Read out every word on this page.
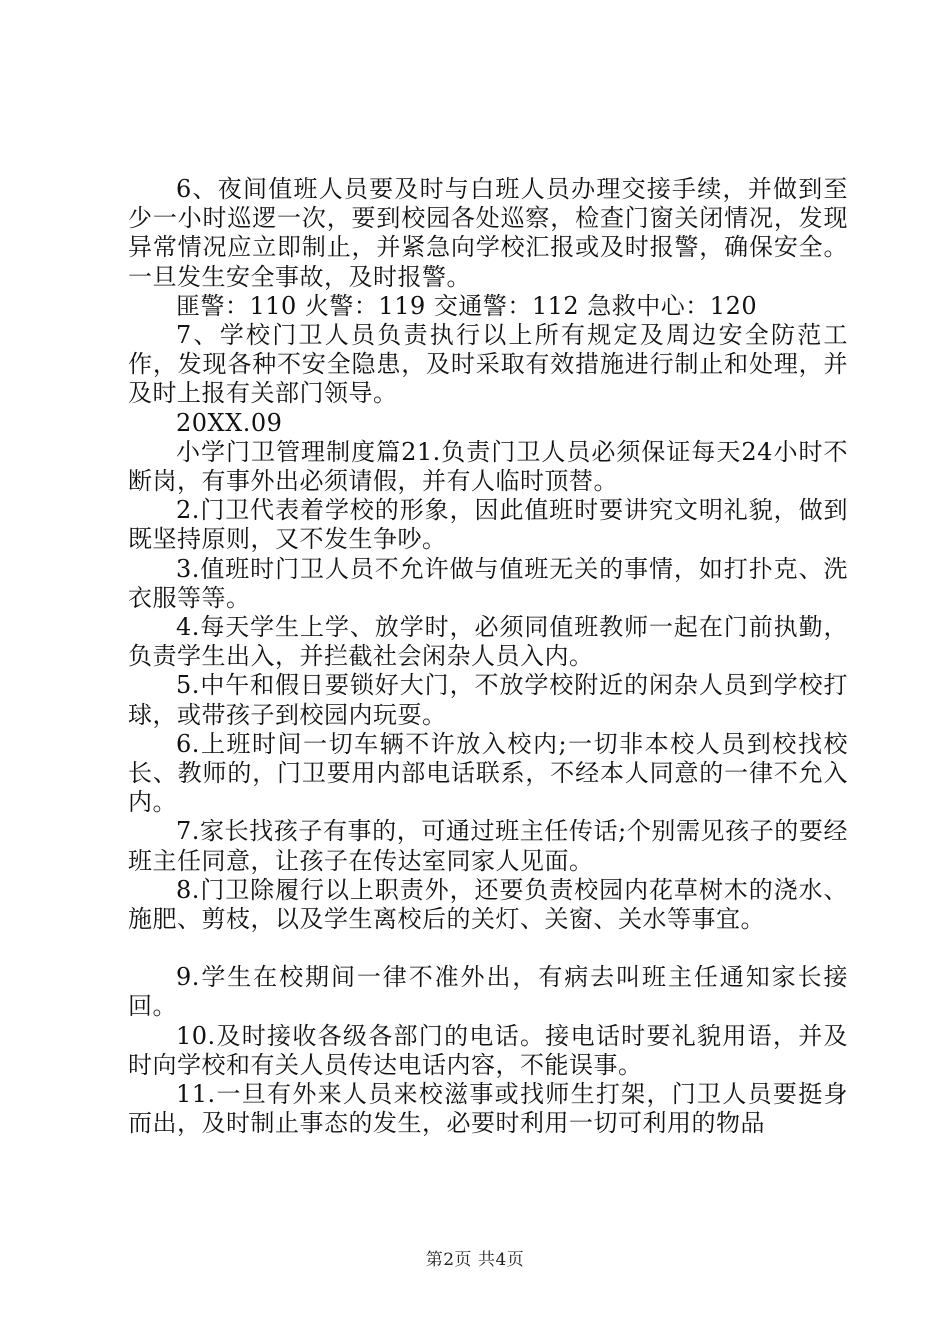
6、夜间值班人员要及时与白班人员办理交接手续，并做到至少一小时巡逻一次，要到校园各处巡察，检查门窗关闭情况，发现异常情况应立即制止，并紧急向学校汇报或及时报警，确保安全。一旦发生安全事故，及时报警。

匪警：110 火警：119 交通警：112 急救中心：120

7、学校门卫人员负责执行以上所有规定及周边安全防范工作，发现各种不安全隐患，及时采取有效措施进行制止和处理，并及时上报有关部门领导。

20XX.09

小学门卫管理制度篇21.负责门卫人员必须保证每天24小时不断岗，有事外出必须请假，并有人临时顶替。

2.门卫代表着学校的形象，因此值班时要讲究文明礼貌，做到既坚持原则，又不发生争吵。

3.值班时门卫人员不允许做与值班无关的事情，如打扑克、洗衣服等等。

4.每天学生上学、放学时，必须同值班教师一起在门前执勤，负责学生出入，并拦截社会闲杂人员入内。

5.中午和假日要锁好大门，不放学校附近的闲杂人员到学校打球，或带孩子到校园内玩耍。

6.上班时间一切车辆不许放入校内;一切非本校人员到校找校长、教师的，门卫要用内部电话联系，不经本人同意的一律不允入内。

7.家长找孩子有事的，可通过班主任传话;个别需见孩子的要经班主任同意，让孩子在传达室同家人见面。

8.门卫除履行以上职责外，还要负责校园内花草树木的浇水、施肥、剪枝，以及学生离校后的关灯、关窗、关水等事宜。

9.学生在校期间一律不准外出，有病去叫班主任通知家长接回。

10.及时接收各级各部门的电话。接电话时要礼貌用语，并及时向学校和有关人员传达电话内容，不能误事。

11.一旦有外来人员来校滋事或找师生打架，门卫人员要挺身而出，及时制止事态的发生，必要时利用一切可利用的物品

第2页 共4页
